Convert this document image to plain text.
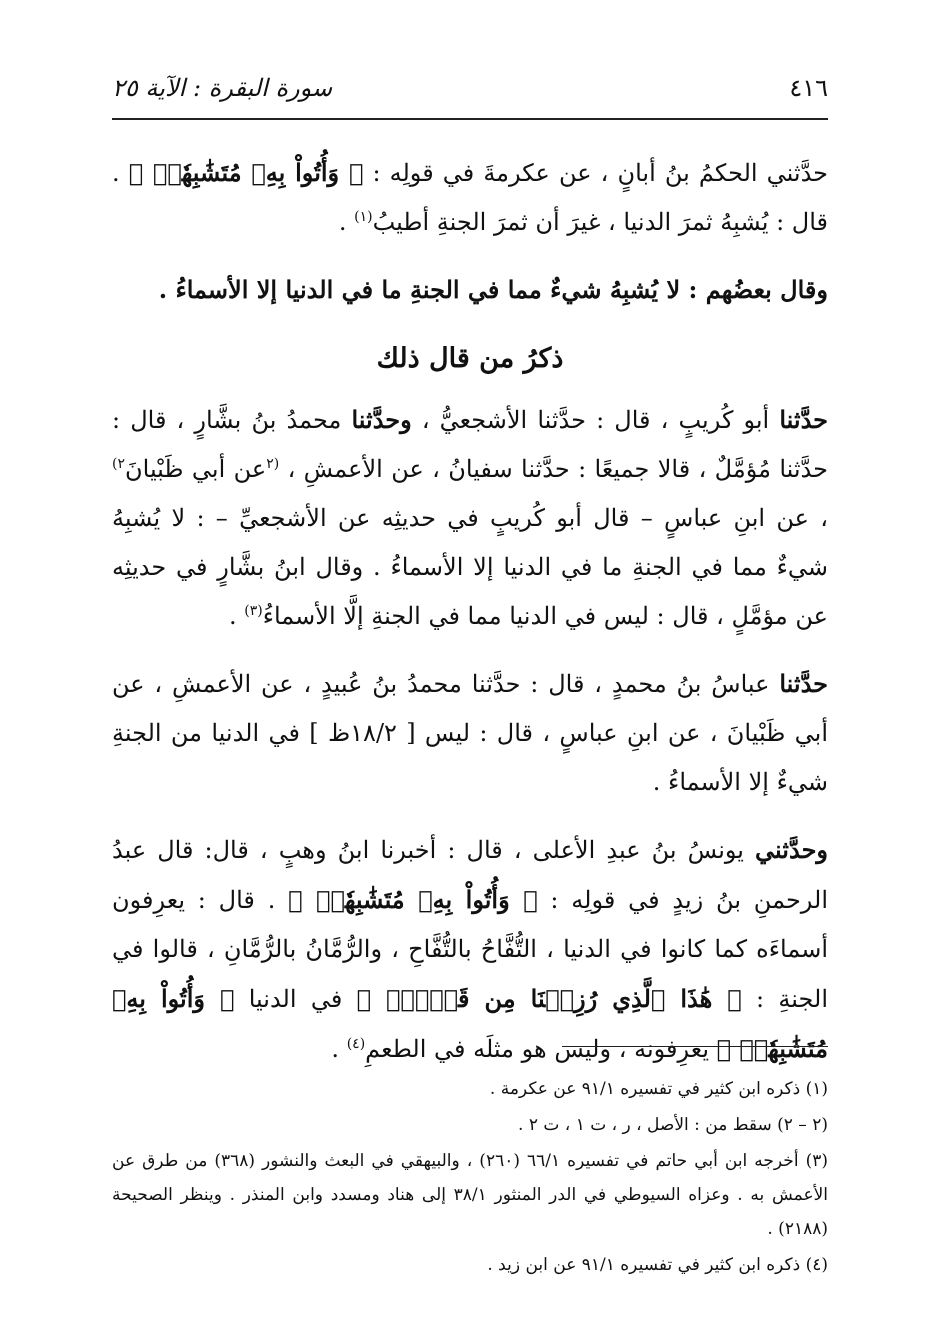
٤١٦
سورة البقرة : الآية ٢٥

حدَّثني الحكمُ بنُ أبانٍ ، عن عكرمةَ في قولِه : ﴿ وَأُتُواْ بِهِۦ مُتَشَٰبِهٗاۖ ﴾ . قال : يُشبِهُ ثمرَ الدنيا ، غيرَ أن ثمرَ الجنةِ أطيبُ$^{(١)}$ .

وقال بعضُهم : لا يُشبِهُ شيءٌ مما في الجنةِ ما في الدنيا إلا الأسماءُ .

ذكرُ من قال ذلك

حدَّثنا أبو كُريبٍ ، قال : حدَّثنا الأشجعيُّ ، وحدَّثنا محمدُ بنُ بشَّارٍ ، قال : حدَّثنا مُؤمَّلٌ ، قالا جميعًا : حدَّثنا سفيانُ ، عن الأعمشِ ، $^{(٢}$عن أبي ظَبْيانَ$^{٢)}$ ، عن ابنِ عباسٍ – قال أبو كُريبٍ في حديثِه عن الأشجعيِّ – : لا يُشبِهُ شيءٌ مما في الجنةِ ما في الدنيا إلا الأسماءُ . وقال ابنُ بشَّارٍ في حديثِه عن مؤمَّلٍ ، قال : ليس في الدنيا مما في الجنةِ إلَّا الأسماءُ$^{(٣)}$ .

حدَّثنا عباسُ بنُ محمدٍ ، قال : حدَّثنا محمدُ بنُ عُبيدٍ ، عن الأعمشِ ، عن أبي ظَبْيانَ ، عن ابنِ عباسٍ ، قال : ليس [ ١٨/٢ظ ] في الدنيا من الجنةِ شيءٌ إلا الأسماءُ .

وحدَّثني يونسُ بنُ عبدِ الأعلى ، قال : أخبرنا ابنُ وهبٍ ، قال: قال عبدُ الرحمنِ بنُ زيدٍ في قولِه : ﴿ وَأُتُواْ بِهِۦ مُتَشَٰبِهٗاۖ ﴾ . قال : يعرِفون أسماءَه كما كانوا في الدنيا ، التُّفَّاحُ بالتُّفَّاحِ ، والرُّمَّانُ بالرُّمَّانِ ، قالوا في الجنةِ : ﴿ هَٰذَا ٱلَّذِي رُزِقۡنَا مِن قَبۡلُۖ ﴾ في الدنيا ﴿ وَأُتُواْ بِهِۦ مُتَشَٰبِهٗاۖ ﴾ يعرِفونه ، وليس هو مثلَه في الطعمِ$^{(٤)}$ .

(١) ذكره ابن كثير في تفسيره ٩١/١ عن عكرمة .
(٢ – ٢) سقط من : الأصل ، ر ، ت ١ ، ت ٢ .
(٣) أخرجه ابن أبي حاتم في تفسيره ٦٦/١ (٢٦٠) ، والبيهقي في البعث والنشور (٣٦٨) من طرق عن الأعمش به . وعزاه السيوطي في الدر المنثور ٣٨/١ إلى هناد ومسدد وابن المنذر . وينظر الصحيحة (٢١٨٨) .
(٤) ذكره ابن كثير في تفسيره ٩١/١ عن ابن زيد .
